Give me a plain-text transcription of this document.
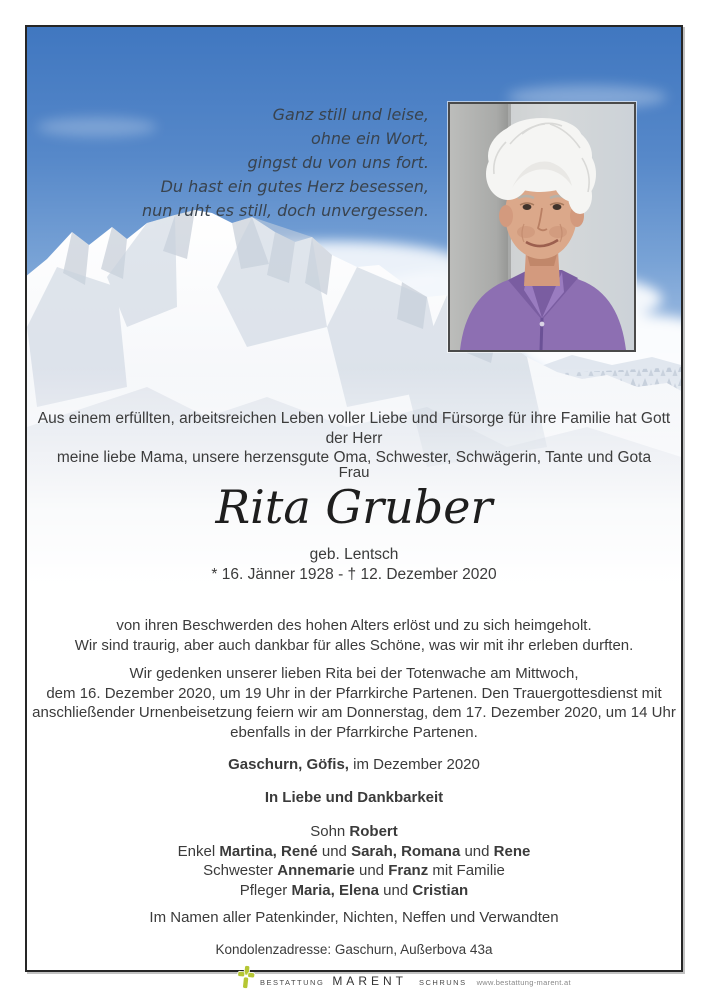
Ganz still und leise,
ohne ein Wort,
gingst du von uns fort.
Du hast ein gutes Herz besessen,
nun ruht es still, doch unvergessen.
Aus einem erfüllten, arbeitsreichen Leben voller Liebe und Fürsorge für ihre Familie hat Gott der Herr
meine liebe Mama, unsere herzensgute Oma, Schwester, Schwägerin, Tante und Gota
Frau
Rita Gruber
geb. Lentsch
* 16. Jänner 1928 - † 12. Dezember 2020
von ihren Beschwerden des hohen Alters erlöst und zu sich heimgeholt.
Wir sind traurig, aber auch dankbar für alles Schöne, was wir mit ihr erleben durften.
Wir gedenken unserer lieben Rita bei der Totenwache am Mittwoch,
dem 16. Dezember 2020, um 19 Uhr in der Pfarrkirche Partenen. Den Trauergottesdienst mit
anschließender Urnenbeisetzung feiern wir am Donnerstag, dem 17. Dezember 2020, um 14 Uhr
ebenfalls in der Pfarrkirche Partenen.
Gaschurn, Göfis, im Dezember 2020
In Liebe und Dankbarkeit
Sohn Robert
Enkel Martina, René und Sarah, Romana und Rene
Schwester Annemarie und Franz mit Familie
Pfleger Maria, Elena und Cristian
Im Namen aller Patenkinder, Nichten, Neffen und Verwandten
Kondolenzadresse: Gaschurn, Außerbova 43a
BESTATTUNG MARENT SCHRUNS www.bestattung-marent.at
